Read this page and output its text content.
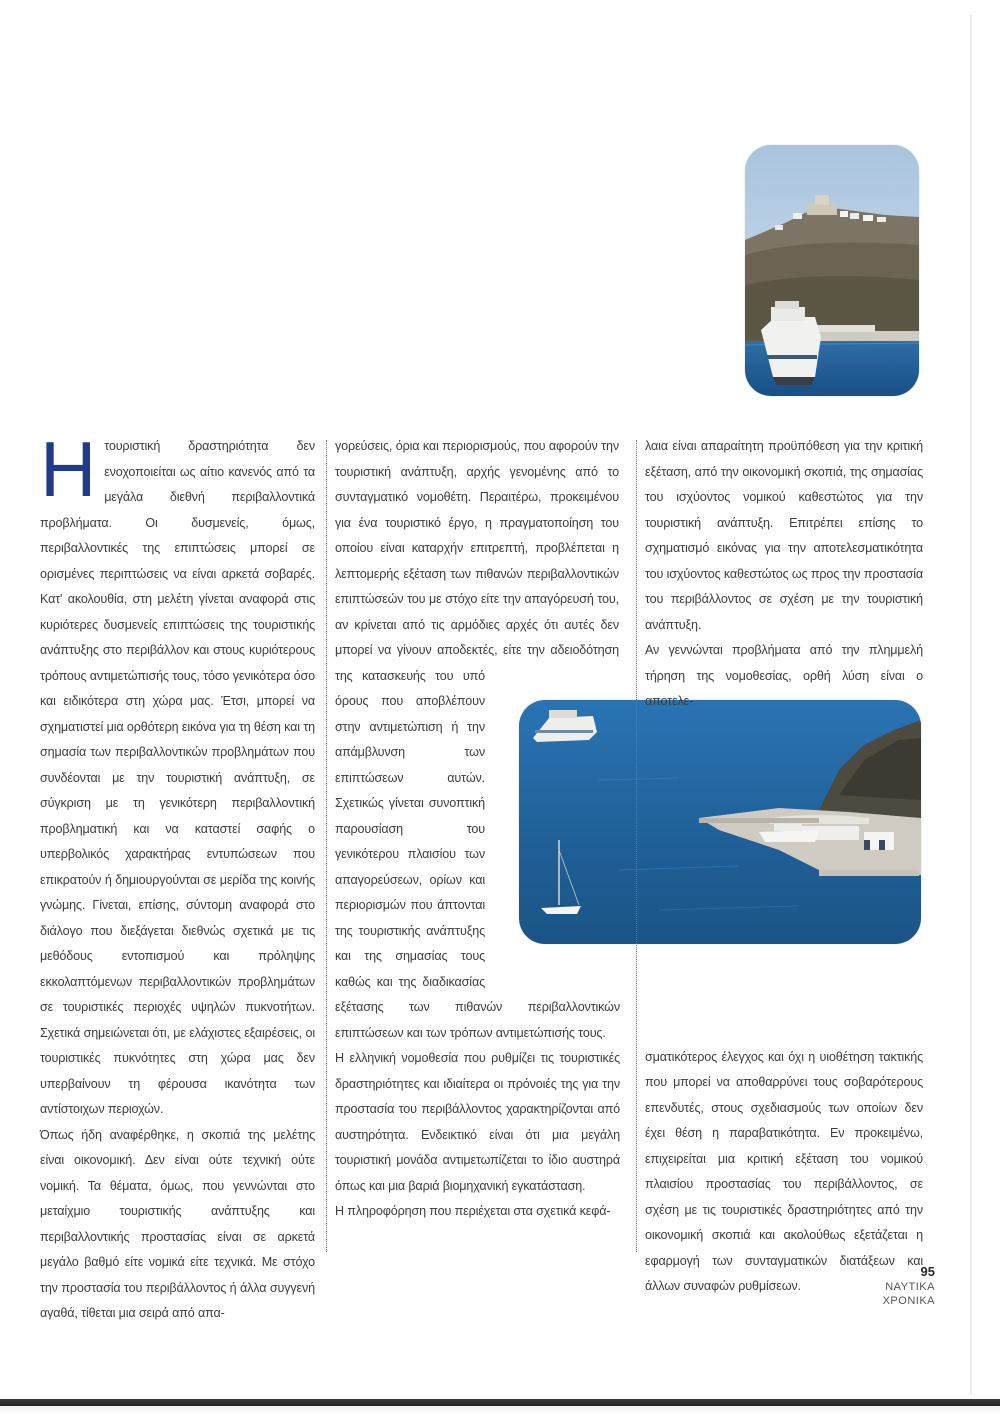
Η τουριστική δραστηριότητα δεν ενοχοποιείται ως αίτιο κανενός από τα μεγάλα διεθνή περιβαλλοντικά προβλήματα. Οι δυσμενείς, όμως, περιβαλλοντικές της επιπτώσεις μπορεί σε ορισμένες περιπτώσεις να είναι αρκετά σοβαρές. Κατ' ακολουθία, στη μελέτη γίνεται αναφορά στις κυριότερες δυσμενείς επιπτώσεις της τουριστικής ανάπτυξης στο περιβάλλον και στους κυριότερους τρόπους αντιμετώπισής τους, τόσο γενικότερα όσο και ειδικότερα στη χώρα μας. Έτσι, μπορεί να σχηματιστεί μια ορθότερη εικόνα για τη θέση και τη σημασία των περιβαλλοντικών προβλημάτων που συνδέονται με την τουριστική ανάπτυξη, σε σύγκριση με τη γενικότερη περιβαλλοντική προβληματική και να καταστεί σαφής ο υπερβολικός χαρακτήρας εντυπώσεων που επικρατούν ή δημιουργούνται σε μερίδα της κοινής γνώμης. Γίνεται, επίσης, σύντομη αναφορά στο διάλογο που διεξάγεται διεθνώς σχετικά με τις μεθόδους εντοπισμού και πρόληψης εκκολαπτόμενων περιβαλλοντικών προβλημάτων σε τουριστικές περιοχές υψηλών πυκνοτήτων. Σχετικά σημειώνεται ότι, με ελάχιστες εξαιρέσεις, οι τουριστικές πυκνότητες στη χώρα μας δεν υπερβαίνουν τη φέρουσα ικανότητα των αντίστοιχων περιοχών.

Όπως ήδη αναφέρθηκε, η σκοπιά της μελέτης είναι οικονομική. Δεν είναι ούτε τεχνική ούτε νομική. Τα θέματα, όμως, που γεννώνται στο μεταίχμιο τουριστικής ανάπτυξης και περιβαλλοντικής προστασίας είναι σε αρκετά μεγάλο βαθμό είτε νομικά είτε τεχνικά. Με στόχο την προστασία του περιβάλλοντος ή άλλα συγγενή αγαθά, τίθεται μια σειρά από απα-

γορεύσεις, όρια και περιορισμούς, που αφορούν την τουριστική ανάπτυξη, αρχής γενομένης από το συνταγματικό νομοθέτη. Περαιτέρω, προκειμένου για ένα τουριστικό έργο, η πραγματοποίηση του οποίου είναι καταρχήν επιτρεπτή, προβλέπεται η λεπτομερής εξέταση των πιθανών περιβαλλοντικών επιπτώσεών του με στόχο είτε την απαγόρευσή του, αν κρίνεται από τις αρμόδιες αρχές ότι αυτές δεν μπορεί να γίνουν αποδεκτές, είτε την αδειοδότηση της κατασκευής του υπό όρους που αποβλέπουν στην αντιμετώπιση ή την απάμβλυνση των επιπτώσεων αυτών. Σχετικώς γίνεται συνοπτική παρουσίαση του γενικότερου πλαισίου των απαγορεύσεων, ορίων και περιορισμών που άπτονται της τουριστικής ανάπτυξης και της σημασίας τους καθώς και της διαδικασίας εξέτασης των πιθανών περιβαλλοντικών επιπτώσεων και των τρόπων αντιμετώπισής τους.

Η ελληνική νομοθεσία που ρυθμίζει τις τουριστικές δραστηριότητες και ιδιαίτερα οι πρόνοιές της για την προστασία του περιβάλλοντος χαρακτηρίζονται από αυστηρότητα. Ενδεικτικό είναι ότι μια μεγάλη τουριστική μονάδα αντιμετωπίζεται το ίδιο αυστηρά όπως και μια βαριά βιομηχανική εγκατάσταση.

Η πληροφόρηση που περιέχεται στα σχετικά κεφά-

λαια είναι απαραίτητη προϋπόθεση για την κριτική εξέταση, από την οικονομική σκοπιά, της σημασίας του ισχύοντος νομικού καθεστώτος για την τουριστική ανάπτυξη. Επιτρέπει επίσης το σχηματισμό εικόνας για την αποτελεσματικότητα του ισχύοντος καθεστώτος ως προς την προστασία του περιβάλλοντος σε σχέση με την τουριστική ανάπτυξη.

Αν γεννώνται προβλήματα από την πλημμελή τήρηση της νομοθεσίας, ορθή λύση είναι ο αποτελε-

σματικότερος έλεγχος και όχι η υιοθέτηση τακτικής που μπορεί να αποθαρρύνει τους σοβαρότερους επενδυτές, στους σχεδιασμούς των οποίων δεν έχει θέση η παραβατικότητα. Εν προκειμένω, επιχειρείται μια κριτική εξέταση του νομικού πλαισίου προστασίας του περιβάλλοντος, σε σχέση με τις τουριστικές δραστηριότητες από την οικονομική σκοπιά και ακολούθως εξετάζεται η εφαρμογή των συνταγματικών διατάξεων και άλλων συναφών ρυθμίσεων.

95
ΝΑΥΤΙΚΑ
ΧΡΟΝΙΚΑ
